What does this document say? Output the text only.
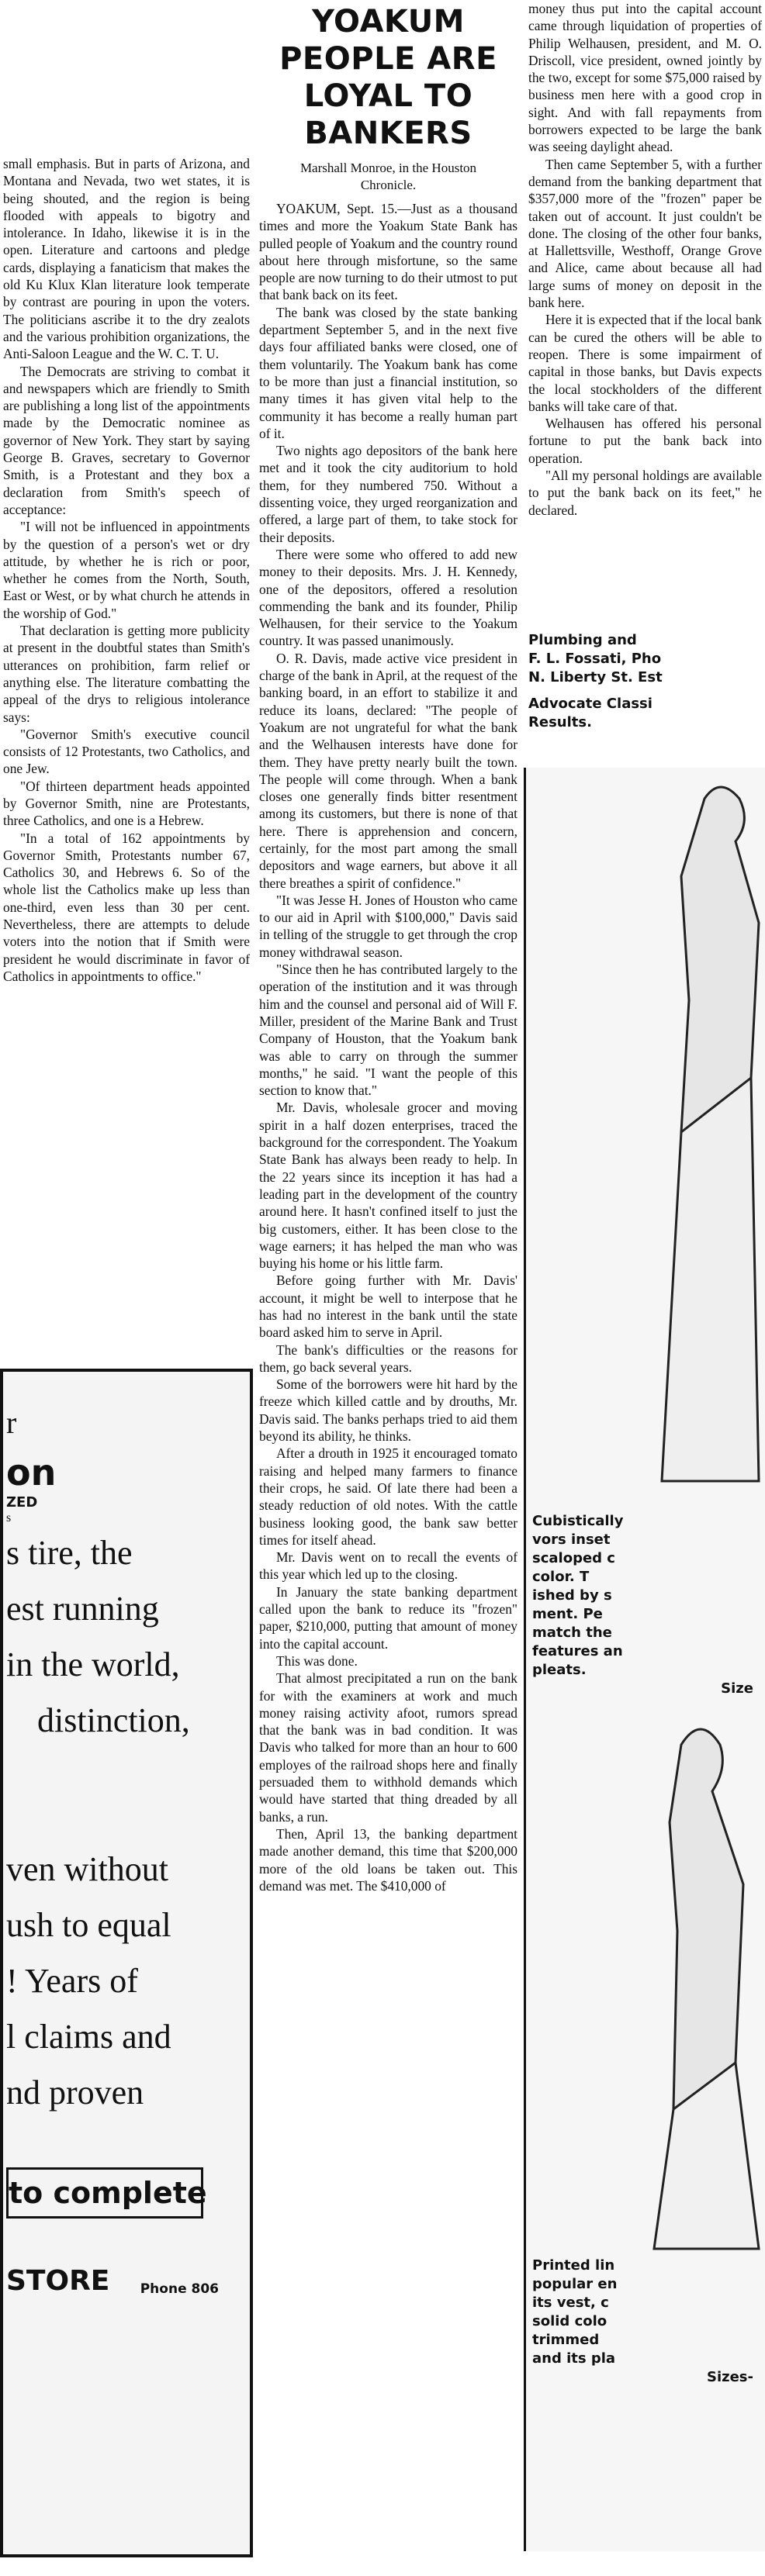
small emphasis. But in parts of Arizona, and Montana and Nevada, two wet states, it is being shouted, and the region is being flooded with appeals to bigotry and intolerance. In Idaho, likewise it is in the open. Literature and cartoons and pledge cards, displaying a fanaticism that makes the old Ku Klux Klan literature look temperate by contrast are pouring in upon the voters. The politicians ascribe it to the dry zealots and the various prohibition organizations, the Anti-Saloon League and the W. C. T. U.

The Democrats are striving to combat it and newspapers which are friendly to Smith are publishing a long list of the appointments made by the Democratic nominee as governor of New York. They start by saying George B. Graves, secretary to Governor Smith, is a Protestant and they box a declaration from Smith's speech of acceptance:

"I will not be influenced in appointments by the question of a person's wet or dry attitude, by whether he is rich or poor, whether he comes from the North, South, East or West, or by what church he attends in the worship of God."

That declaration is getting more publicity at present in the doubtful states than Smith's utterances on prohibition, farm relief or anything else. The literature combatting the appeal of the drys to religious intolerance says:

"Governor Smith's executive council consists of 12 Protestants, two Catholics, and one Jew.

"Of thirteen department heads appointed by Governor Smith, nine are Protestants, three Catholics, and one is a Hebrew.

"In a total of 162 appointments by Governor Smith, Protestants number 67, Catholics 30, and Hebrews 6. So of the whole list the Catholics make up less than one-third, even less than 30 per cent. Nevertheless, there are attempts to delude voters into the notion that if Smith were president he would discriminate in favor of Catholics in appointments to office."

r
on
ZED
s
s tire, the
est running
in the world,
distinction,
ven without
ush to equal
! Years of
l claims and
nd proven
to complete
STORE	Phone 806
YOAKUM PEOPLE ARE
LOYAL TO BANKERS
Marshall Monroe, in the Houston
Chronicle.

YOAKUM, Sept. 15.—Just as a thousand times and more the Yoakum State Bank has pulled people of Yoakum and the country round about here through misfortune, so the same people are now turning to do their utmost to put that bank back on its feet.

The bank was closed by the state banking department September 5, and in the next five days four affiliated banks were closed, one of them voluntarily. The Yoakum bank has come to be more than just a financial institution, so many times it has given vital help to the community it has become a really human part of it.

Two nights ago depositors of the bank here met and it took the city auditorium to hold them, for they numbered 750. Without a dissenting voice, they urged reorganization and offered, a large part of them, to take stock for their deposits.

There were some who offered to add new money to their deposits. Mrs. J. H. Kennedy, one of the depositors, offered a resolution commending the bank and its founder, Philip Welhausen, for their service to the Yoakum country. It was passed unanimously.

O. R. Davis, made active vice president in charge of the bank in April, at the request of the banking board, in an effort to stabilize it and reduce its loans, declared: "The people of Yoakum are not ungrateful for what the bank and the Welhausen interests have done for them. They have pretty nearly built the town. The people will come through. When a bank closes one generally finds bitter resentment among its customers, but there is none of that here. There is apprehension and concern, certainly, for the most part among the small depositors and wage earners, but above it all there breathes a spirit of confidence."

"It was Jesse H. Jones of Houston who came to our aid in April with $100,000," Davis said in telling of the struggle to get through the crop money withdrawal season.

"Since then he has contributed largely to the operation of the institution and it was through him and the counsel and personal aid of Will F. Miller, president of the Marine Bank and Trust Company of Houston, that the Yoakum bank was able to carry on through the summer months," he said. "I want the people of this section to know that."

Mr. Davis, wholesale grocer and moving spirit in a half dozen enterprises, traced the background for the correspondent. The Yoakum State Bank has always been ready to help. In the 22 years since its inception it has had a leading part in the development of the country around here. It hasn't confined itself to just the big customers, either. It has been close to the wage earners; it has helped the man who was buying his home or his little farm.

Before going further with Mr. Davis' account, it might be well to interpose that he has had no interest in the bank until the state board asked him to serve in April.

The bank's difficulties or the reasons for them, go back several years.

Some of the borrowers were hit hard by the freeze which killed cattle and by drouths, Mr. Davis said. The banks perhaps tried to aid them beyond its ability, he thinks.

After a drouth in 1925 it encouraged tomato raising and helped many farmers to finance their crops, he said. Of late there had been a steady reduction of old notes. With the cattle business looking good, the bank saw better times for itself ahead.

Mr. Davis went on to recall the events of this year which led up to the closing.

In January the state banking department called upon the bank to reduce its "frozen" paper, $210,000, putting that amount of money into the capital account.

This was done.

That almost precipitated a run on the bank for with the examiners at work and much money raising activity afoot, rumors spread that the bank was in bad condition. It was Davis who talked for more than an hour to 600 employes of the railroad shops here and finally persuaded them to withhold demands which would have started that thing dreaded by all banks, a run.

Then, April 13, the banking department made another demand, this time that $200,000 more of the old loans be taken out. This demand was met. The $410,000 of

money thus put into the capital account came through liquidation of properties of Philip Welhausen, president, and M. O. Driscoll, vice president, owned jointly by the two, except for some $75,000 raised by business men here with a good crop in sight. And with fall repayments from borrowers expected to be large the bank was seeing daylight ahead.

Then came September 5, with a further demand from the banking department that $357,000 more of the "frozen" paper be taken out of account. It just couldn't be done. The closing of the other four banks, at Hallettsville, Westhoff, Orange Grove and Alice, came about because all had large sums of money on deposit in the bank here.

Here it is expected that if the local bank can be cured the others will be able to reopen. There is some impairment of capital in those banks, but Davis expects the local stockholders of the different banks will take care of that.

Welhausen has offered his personal fortune to put the bank back into operation.

"All my personal holdings are available to put the bank back on its feet," he declared.

Plumbing and
F. L. Fossati, Pho
N. Liberty St. Est
Advocate Classi
Results.
Cubistically
vors inset
scaloped c
color. T
ished by s
ment. Pe
match the
features an
pleats.
Size
Printed lin
popular en
its vest, c
solid colo
trimmed
and its pla
Sizes-
